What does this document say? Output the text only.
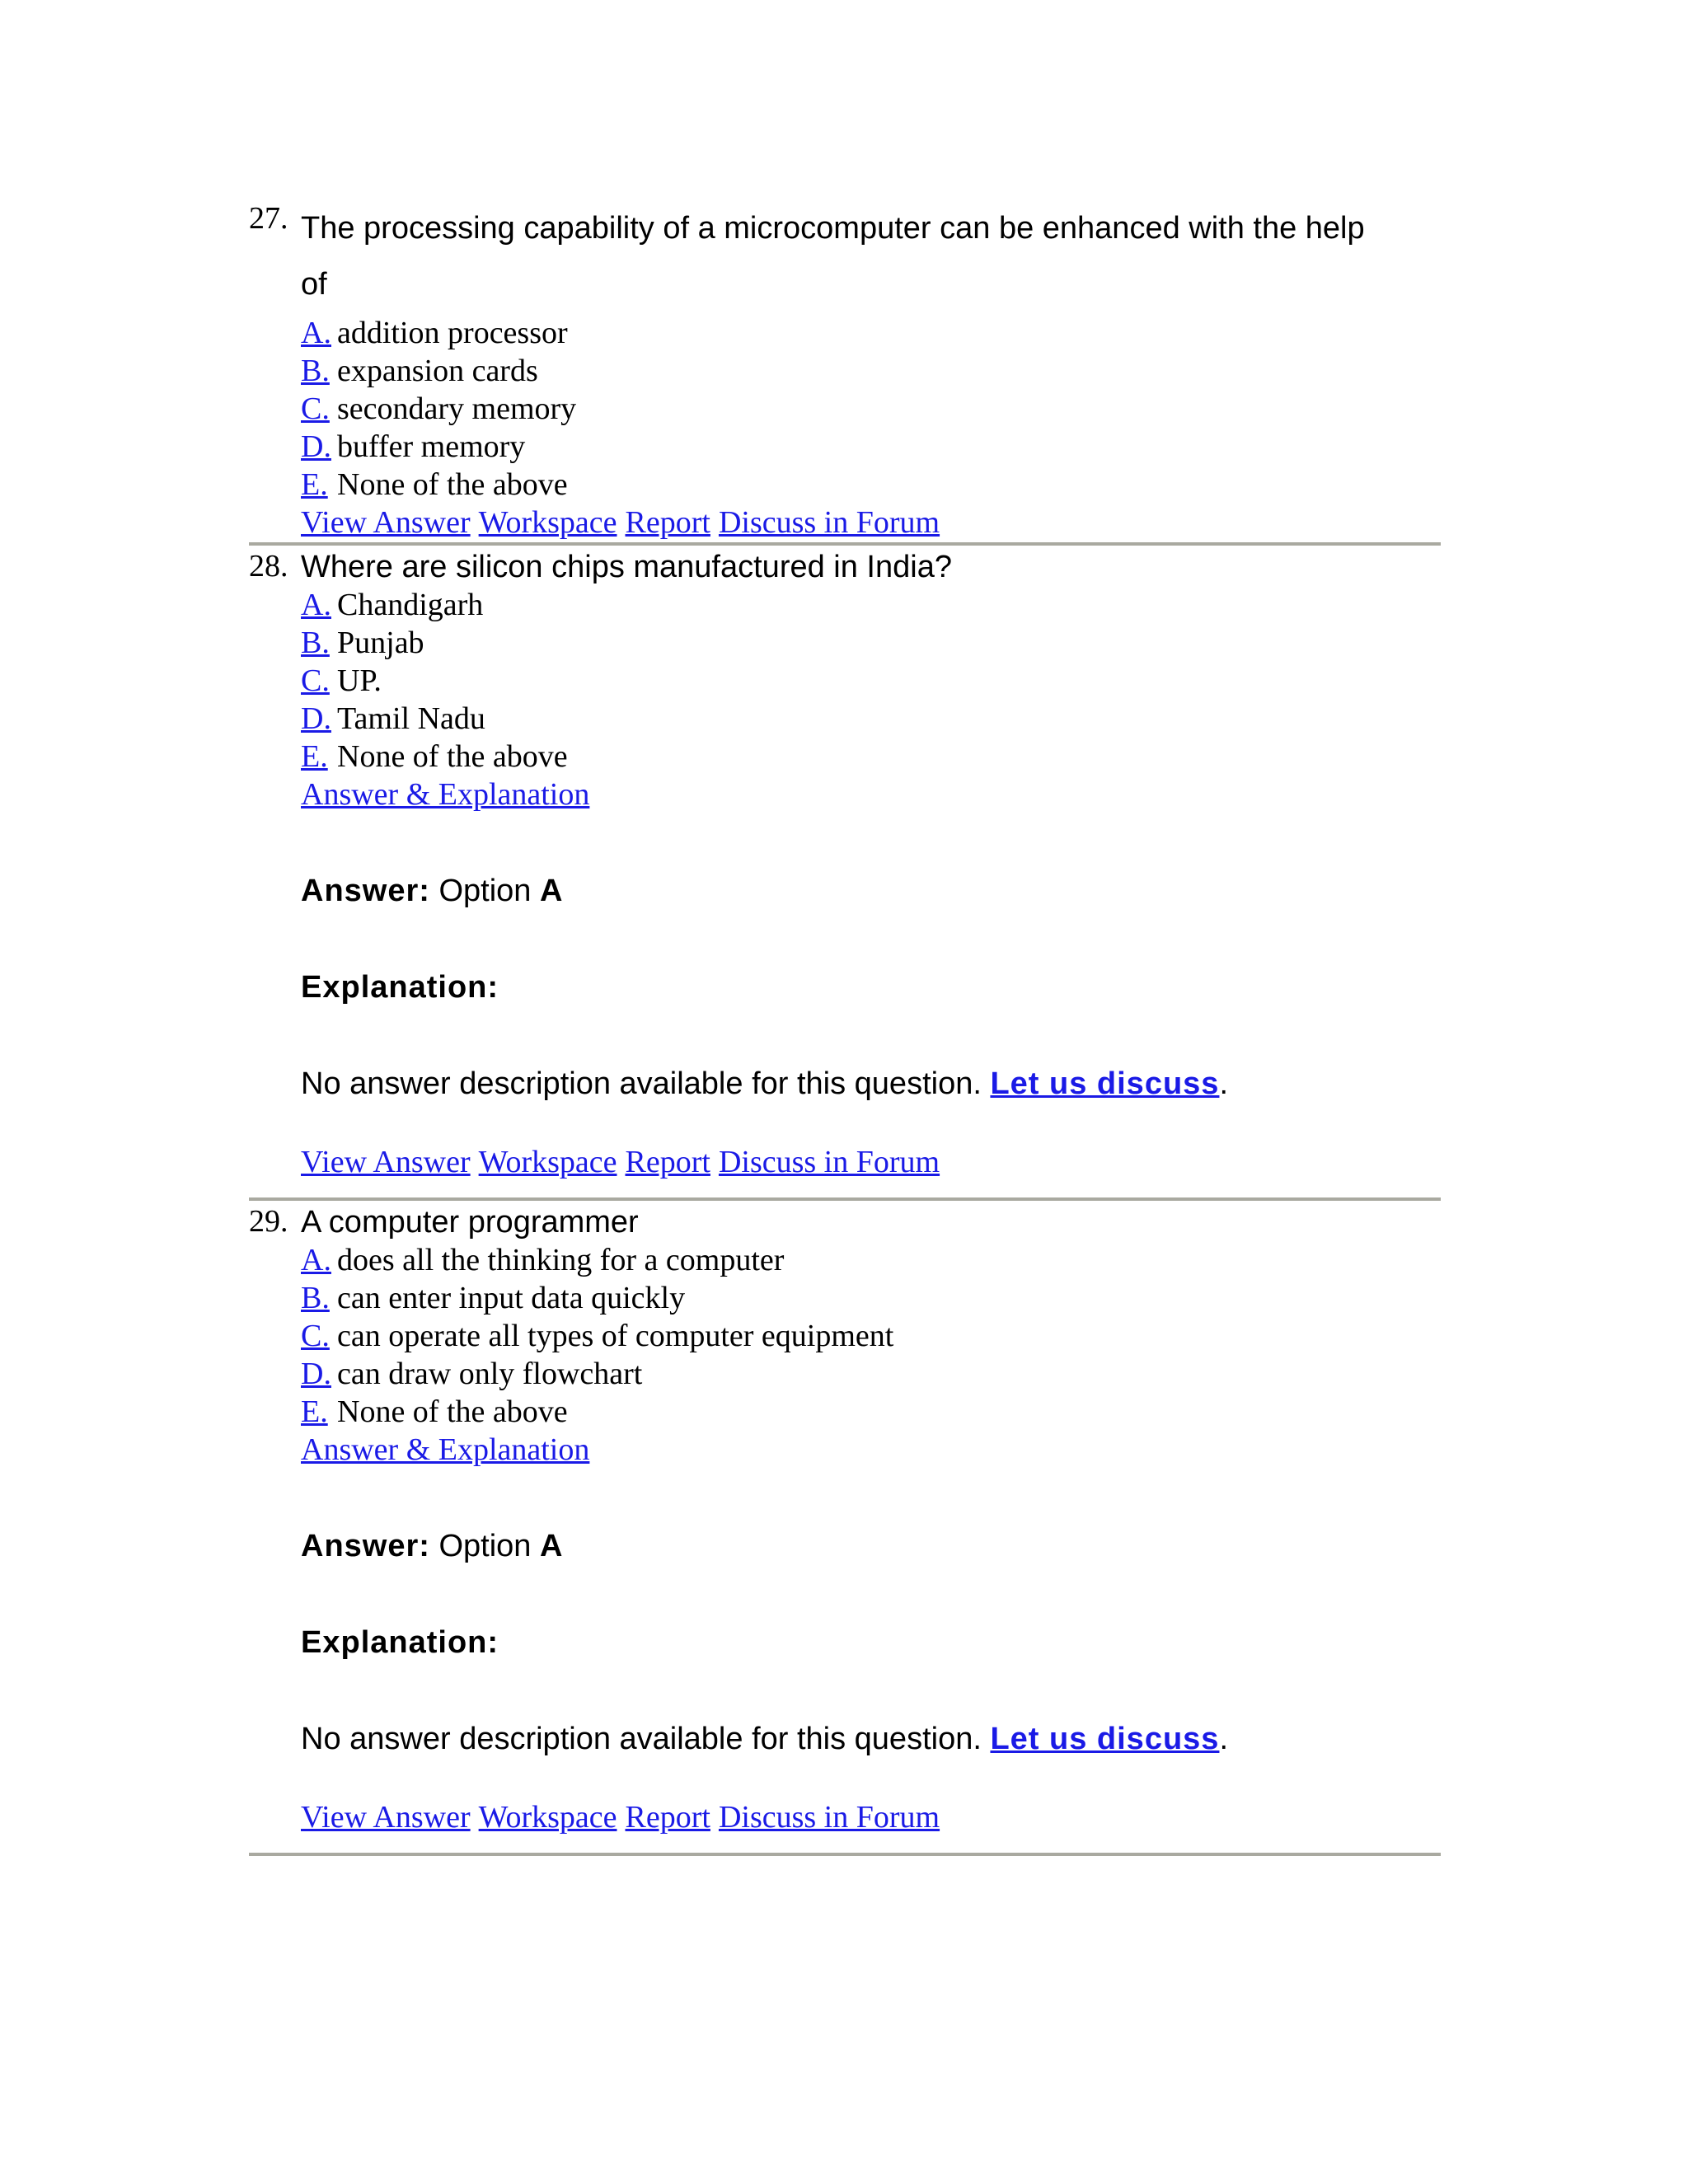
27. The processing capability of a microcomputer can be enhanced with the help
of
A. addition processor
B. expansion cards
C. secondary memory
D. buffer memory
E. None of the above
View Answer Workspace Report Discuss in Forum
28. Where are silicon chips manufactured in India?
A. Chandigarh
B. Punjab
C. UP.
D. Tamil Nadu
E. None of the above
Answer & Explanation
Answer: Option A
Explanation:
No answer description available for this question. Let us discuss.
View Answer Workspace Report Discuss in Forum
29. A computer programmer
A. does all the thinking for a computer
B. can enter input data quickly
C. can operate all types of computer equipment
D. can draw only flowchart
E. None of the above
Answer & Explanation
Answer: Option A
Explanation:
No answer description available for this question. Let us discuss.
View Answer Workspace Report Discuss in Forum
